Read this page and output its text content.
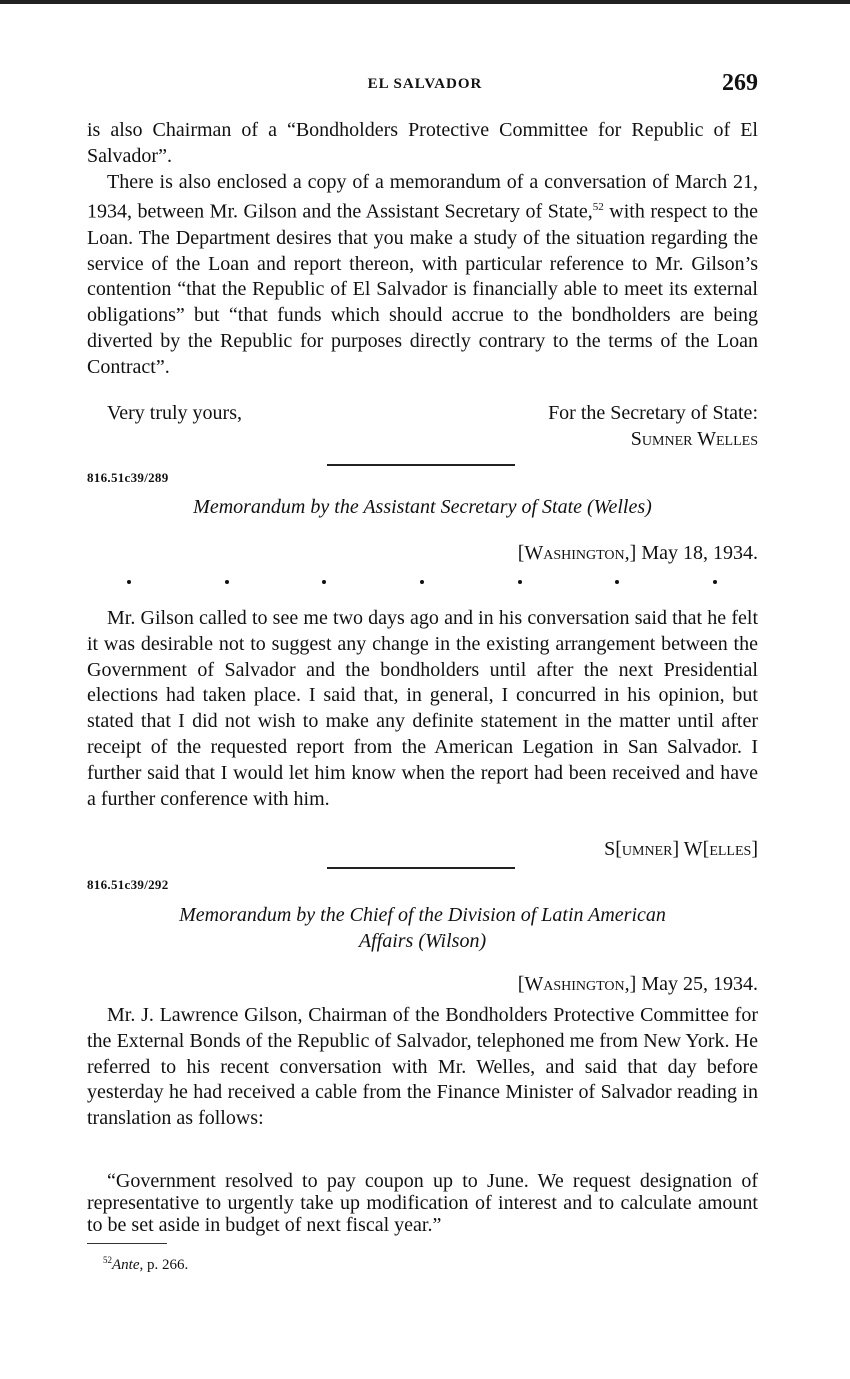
EL SALVADOR	269

is also Chairman of a “Bondholders Protective Committee for Republic of El Salvador”.

There is also enclosed a copy of a memorandum of a conversation of March 21, 1934, between Mr. Gilson and the Assistant Secretary of State,$^{52}$ with respect to the Loan. The Department desires that you make a study of the situation regarding the service of the Loan and report thereon, with particular reference to Mr. Gilson’s contention “that the Republic of El Salvador is financially able to meet its external obligations” but “that funds which should accrue to the bondholders are being diverted by the Republic for purposes directly contrary to the terms of the Loan Contract”.

Very truly yours,	For the Secretary of State:
Sumner Welles
816.51c39/289
Memorandum by the Assistant Secretary of State (Welles)
[Washington,] May 18, 1934.
Mr. Gilson called to see me two days ago and in his conversation said that he felt it was desirable not to suggest any change in the existing arrangement between the Government of Salvador and the bondholders until after the next Presidential elections had taken place. I said that, in general, I concurred in his opinion, but stated that I did not wish to make any definite statement in the matter until after receipt of the requested report from the American Legation in San Salvador. I further said that I would let him know when the report had been received and have a further conference with him.
S[umner] W[elles]
816.51c39/292
Memorandum by the Chief of the Division of Latin American
Affairs (Wilson)
[Washington,] May 25, 1934.
Mr. J. Lawrence Gilson, Chairman of the Bondholders Protective Committee for the External Bonds of the Republic of Salvador, telephoned me from New York. He referred to his recent conversation with Mr. Welles, and said that day before yesterday he had received a cable from the Finance Minister of Salvador reading in translation as follows:
“Government resolved to pay coupon up to June. We request designation of representative to urgently take up modification of interest and to calculate amount to be set aside in budget of next fiscal year.”
$^{52}$Ante, p. 266.
